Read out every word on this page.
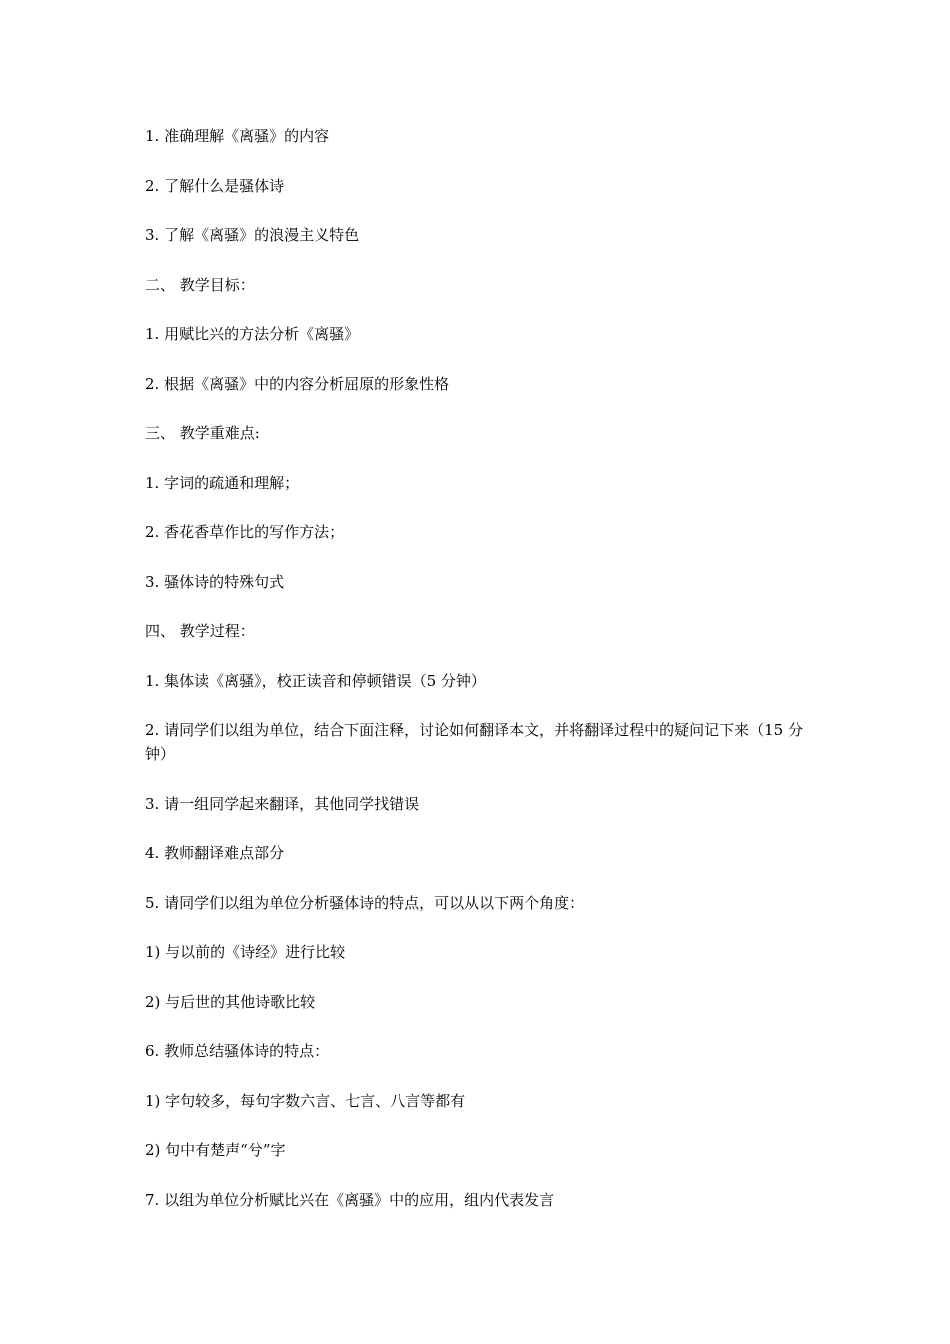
1. 准确理解《离骚》的内容

2. 了解什么是骚体诗

3. 了解《离骚》的浪漫主义特色

二、 教学目标：

1. 用赋比兴的方法分析《离骚》

2. 根据《离骚》中的内容分析屈原的形象性格

三、 教学重难点:

1. 字词的疏通和理解；

2. 香花香草作比的写作方法；

3. 骚体诗的特殊句式

四、 教学过程：

1. 集体读《离骚》，校正读音和停顿错误（5 分钟）

2. 请同学们以组为单位，结合下面注释，讨论如何翻译本文，并将翻译过程中的疑问记下来（15 分钟）

3. 请一组同学起来翻译，其他同学找错误

4. 教师翻译难点部分

5. 请同学们以组为单位分析骚体诗的特点，可以从以下两个角度：

1) 与以前的《诗经》进行比较

2) 与后世的其他诗歌比较

6. 教师总结骚体诗的特点：

1) 字句较多，每句字数六言、七言、八言等都有

2) 句中有楚声“兮”字

7. 以组为单位分析赋比兴在《离骚》中的应用，组内代表发言
